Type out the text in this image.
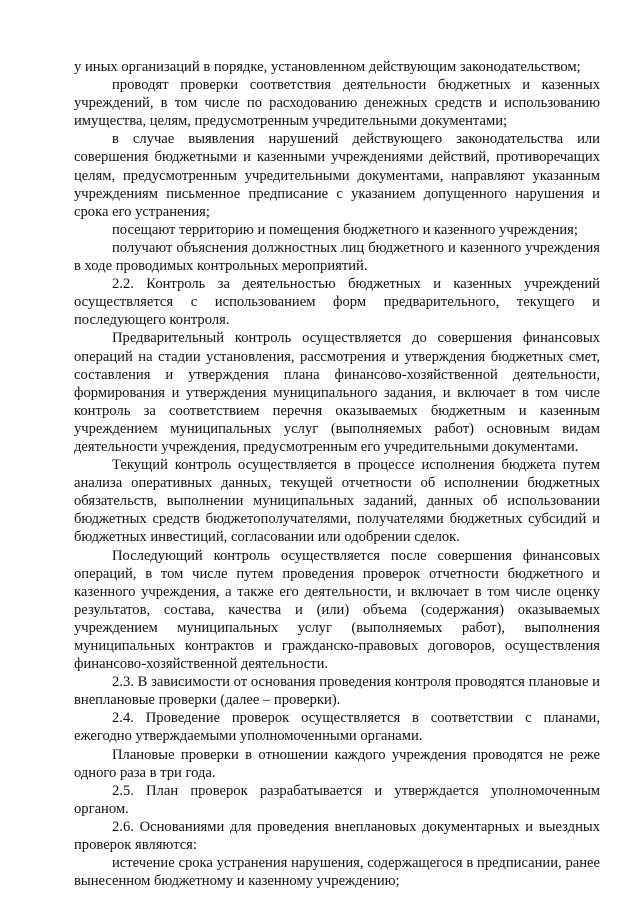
у иных организаций в порядке, установленном действующим законодательством;

проводят проверки соответствия деятельности бюджетных и казенных учреждений, в том числе по расходованию денежных средств и использованию имущества, целям, предусмотренным учредительными документами;

в случае выявления нарушений действующего законодательства или совершения бюджетными и казенными учреждениями действий, противоречащих целям, предусмотренным учредительными документами, направляют указанным учреждениям письменное предписание с указанием допущенного нарушения и срока его устранения;

посещают территорию и помещения бюджетного и казенного учреждения;

получают объяснения должностных лиц бюджетного и казенного учреждения в ходе проводимых контрольных мероприятий.

2.2. Контроль за деятельностью бюджетных и казенных учреждений осуществляется с использованием форм предварительного, текущего и последующего контроля.

Предварительный контроль осуществляется до совершения финансовых операций на стадии установления, рассмотрения и утверждения бюджетных смет, составления и утверждения плана финансово-хозяйственной деятельности, формирования и утверждения муниципального задания, и включает в том числе контроль за соответствием перечня оказываемых бюджетным и казенным учреждением муниципальных услуг (выполняемых работ) основным видам деятельности учреждения, предусмотренным его учредительными документами.

Текущий контроль осуществляется в процессе исполнения бюджета путем анализа оперативных данных, текущей отчетности об исполнении бюджетных обязательств, выполнении муниципальных заданий, данных об использовании бюджетных средств бюджетополучателями, получателями бюджетных субсидий и бюджетных инвестиций, согласовании или одобрении сделок.

Последующий контроль осуществляется после совершения финансовых операций, в том числе путем проведения проверок отчетности бюджетного и казенного учреждения, а также его деятельности, и включает в том числе оценку результатов, состава, качества и (или) объема (содержания) оказываемых учреждением муниципальных услуг (выполняемых работ), выполнения муниципальных контрактов и гражданско-правовых договоров, осуществления финансово-хозяйственной деятельности.

2.3. В зависимости от основания проведения контроля проводятся плановые и внеплановые проверки (далее – проверки).

2.4. Проведение проверок осуществляется в соответствии с планами, ежегодно утверждаемыми уполномоченными органами.

Плановые проверки в отношении каждого учреждения проводятся не реже одного раза в три года.

2.5. План проверок разрабатывается и утверждается уполномоченным органом.

2.6. Основаниями для проведения внеплановых документарных и выездных проверок являются:

истечение срока устранения нарушения, содержащегося в предписании, ранее вынесенном бюджетному и казенному учреждению;
